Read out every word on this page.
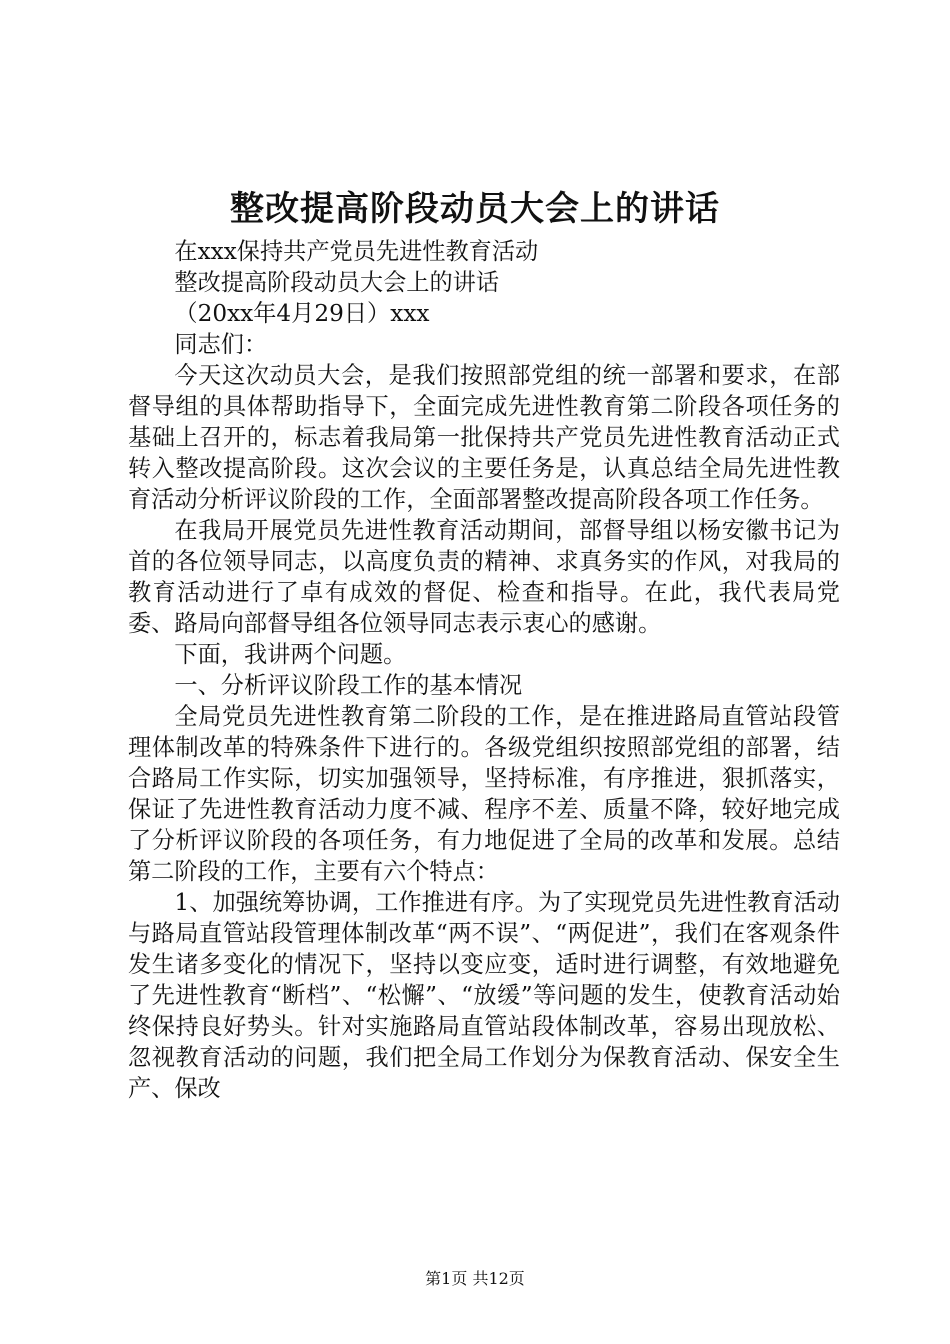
整改提高阶段动员大会上的讲话

在xxx保持共产党员先进性教育活动

整改提高阶段动员大会上的讲话

（20xx年4月29日）xxx

同志们：

今天这次动员大会，是我们按照部党组的统一部署和要求，在部督导组的具体帮助指导下，全面完成先进性教育第二阶段各项任务的基础上召开的，标志着我局第一批保持共产党员先进性教育活动正式转入整改提高阶段。这次会议的主要任务是，认真总结全局先进性教育活动分析评议阶段的工作，全面部署整改提高阶段各项工作任务。

在我局开展党员先进性教育活动期间，部督导组以杨安徽书记为首的各位领导同志，以高度负责的精神、求真务实的作风，对我局的教育活动进行了卓有成效的督促、检查和指导。在此，我代表局党委、路局向部督导组各位领导同志表示衷心的感谢。

下面，我讲两个问题。

一、分析评议阶段工作的基本情况

全局党员先进性教育第二阶段的工作，是在推进路局直管站段管理体制改革的特殊条件下进行的。各级党组织按照部党组的部署，结合路局工作实际，切实加强领导，坚持标准，有序推进，狠抓落实，保证了先进性教育活动力度不减、程序不差、质量不降，较好地完成了分析评议阶段的各项任务，有力地促进了全局的改革和发展。总结第二阶段的工作，主要有六个特点：

1、加强统筹协调，工作推进有序。为了实现党员先进性教育活动与路局直管站段管理体制改革“两不误”、“两促进”，我们在客观条件发生诸多变化的情况下，坚持以变应变，适时进行调整，有效地避免了先进性教育“断档”、“松懈”、“放缓”等问题的发生，使教育活动始终保持良好势头。针对实施路局直管站段体制改革，容易出现放松、忽视教育活动的问题，我们把全局工作划分为保教育活动、保安全生产、保改

第1页 共12页
